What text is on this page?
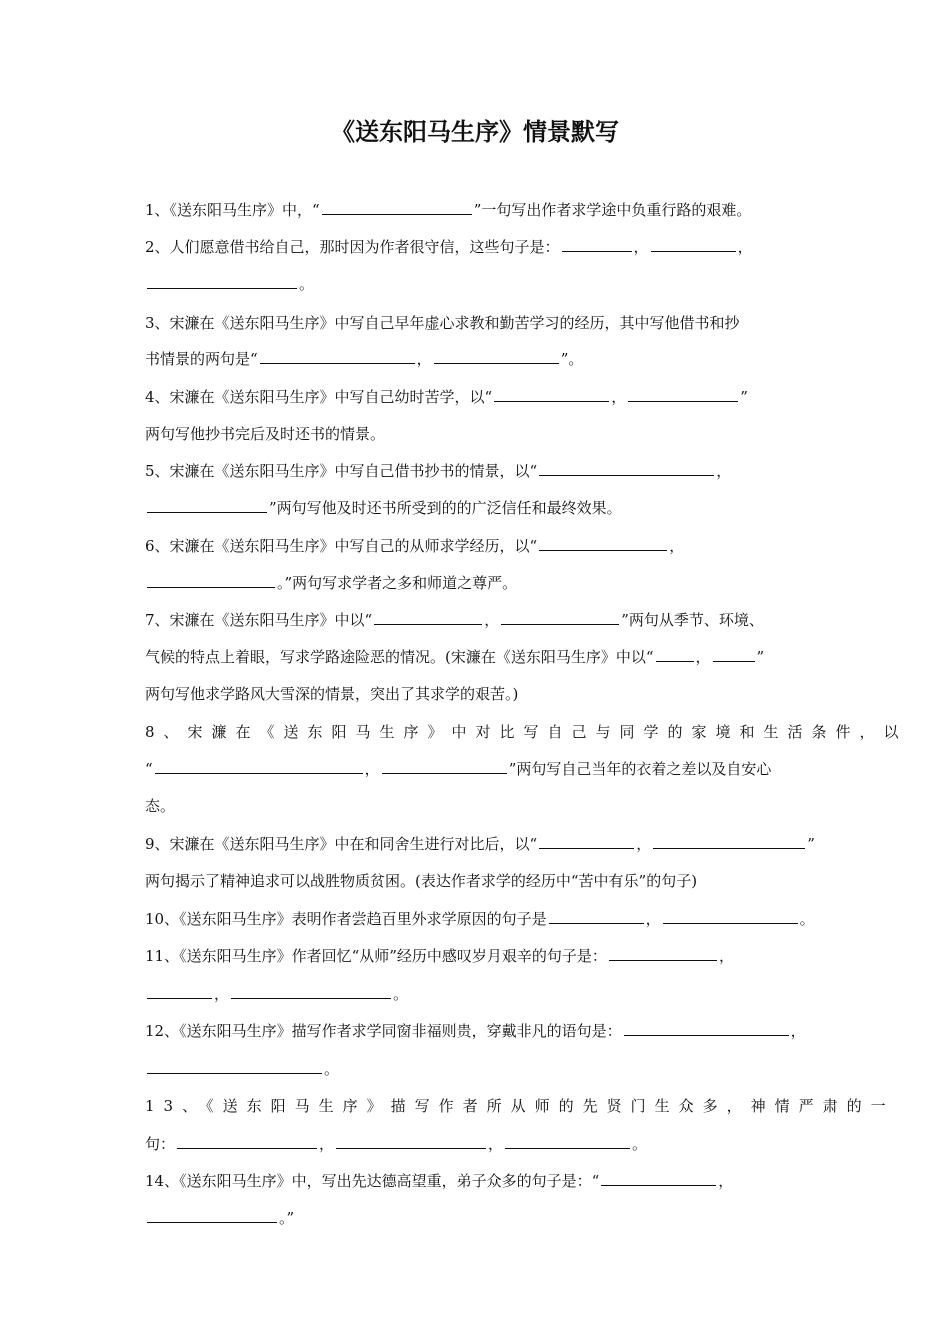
《送东阳马生序》情景默写
1、《送东阳马生序》中，“	”一句写出作者求学途中负重行路的艰难。
2、人们愿意借书给自己，那时因为作者很守信，这些句子是：	，	，
。
3、宋濂在《送东阳马生序》中写自己早年虚心求教和勤苦学习的经历，其中写他借书和抄
书情景的两句是“	，	”。
4、宋濂在《送东阳马生序》中写自己幼时苦学，以“	，	”
两句写他抄书完后及时还书的情景。
5、宋濂在《送东阳马生序》中写自己借书抄书的情景，以“	，
”两句写他及时还书所受到的的广泛信任和最终效果。
6、宋濂在《送东阳马生序》中写自己的从师求学经历，以“	，
。”两句写求学者之多和师道之尊严。
7、宋濂在《送东阳马生序》中以“	，	”两句从季节、环境、
气候的特点上着眼，写求学路途险恶的情况。(宋濂在《送东阳马生序》中以“	，	”
两句写他求学路风大雪深的情景，突出了其求学的艰苦。)
8、宋濂在《送东阳马生序》中对比写自己与同学的家境和生活条件，以
“	，	”两句写自己当年的衣着之差以及自安心
态。
9、宋濂在《送东阳马生序》中在和同舍生进行对比后，以“	，	”
两句揭示了精神追求可以战胜物质贫困。(表达作者求学的经历中“苦中有乐”的句子)
10、《送东阳马生序》表明作者尝趋百里外求学原因的句子是	，	。
11、《送东阳马生序》作者回忆“从师”经历中感叹岁月艰辛的句子是：	，
，	。
12、《送东阳马生序》描写作者求学同窗非福则贵，穿戴非凡的语句是：	，
。
13、《送东阳马生序》描写作者所从师的先贤门生众多，神情严肃的一
句：	，	，	。
14、《送东阳马生序》中，写出先达德高望重，弟子众多的句子是：“	，
。”
